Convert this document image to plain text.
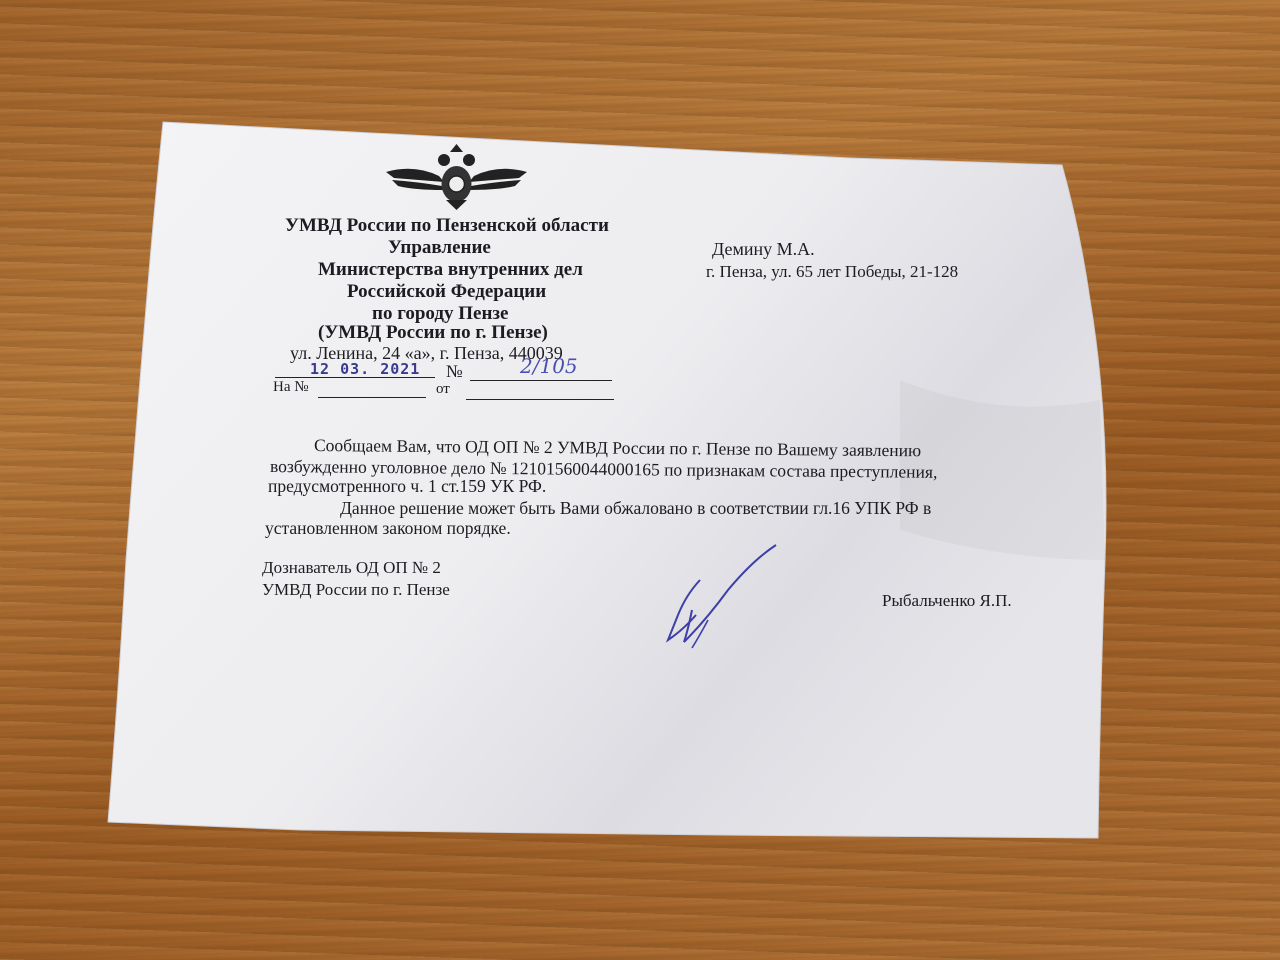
УМВД России по Пензенской области
Управление
Министерства внутренних дел
Российской Федерации
по городу Пензе
(УМВД России по г. Пензе)
ул. Ленина, 24 «а», г. Пенза, 440039
12 03. 2021 №	2/105
На №	от
Демину М.А.
г. Пенза, ул. 65 лет Победы, 21-128
Сообщаем Вам, что ОД ОП № 2 УМВД России по г. Пензе по Вашему заявлению
возбужденно уголовное дело № 12101560044000165 по признакам состава преступления,
предусмотренного ч. 1 ст.159 УК РФ.
Данное решение может быть Вами обжаловано в соответствии гл.16 УПК РФ в
установленном законом порядке.
Дознаватель ОД ОП № 2
УМВД России по г. Пензе
Рыбальченко Я.П.
